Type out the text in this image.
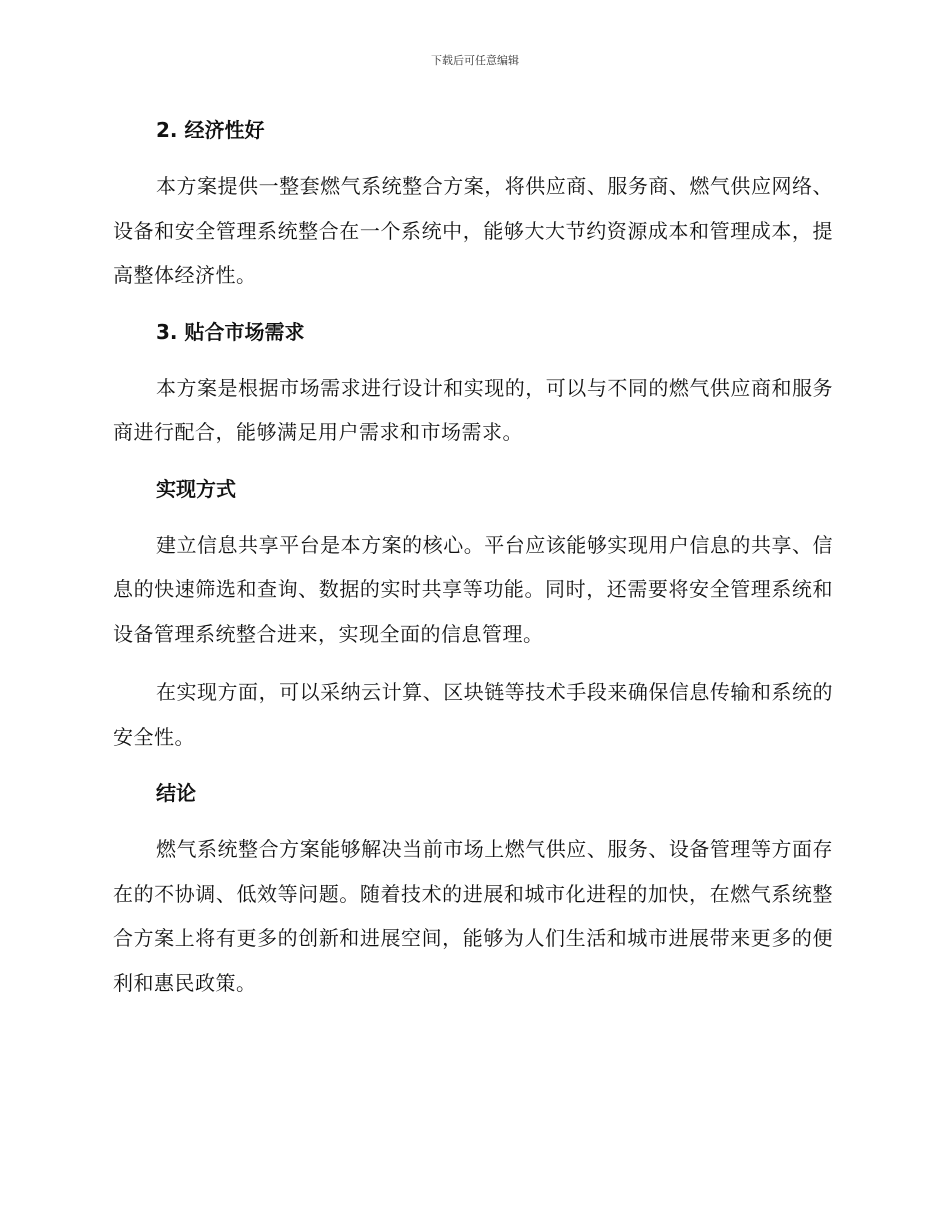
下载后可任意编辑
2. 经济性好

本方案提供一整套燃气系统整合方案，将供应商、服务商、燃气供应网络、设备和安全管理系统整合在一个系统中，能够大大节约资源成本和管理成本，提高整体经济性。

3. 贴合市场需求

本方案是根据市场需求进行设计和实现的，可以与不同的燃气供应商和服务商进行配合，能够满足用户需求和市场需求。

实现方式

建立信息共享平台是本方案的核心。平台应该能够实现用户信息的共享、信息的快速筛选和查询、数据的实时共享等功能。同时，还需要将安全管理系统和设备管理系统整合进来，实现全面的信息管理。

在实现方面，可以采纳云计算、区块链等技术手段来确保信息传输和系统的安全性。

结论

燃气系统整合方案能够解决当前市场上燃气供应、服务、设备管理等方面存在的不协调、低效等问题。随着技术的进展和城市化进程的加快，在燃气系统整合方案上将有更多的创新和进展空间，能够为人们生活和城市进展带来更多的便利和惠民政策。
